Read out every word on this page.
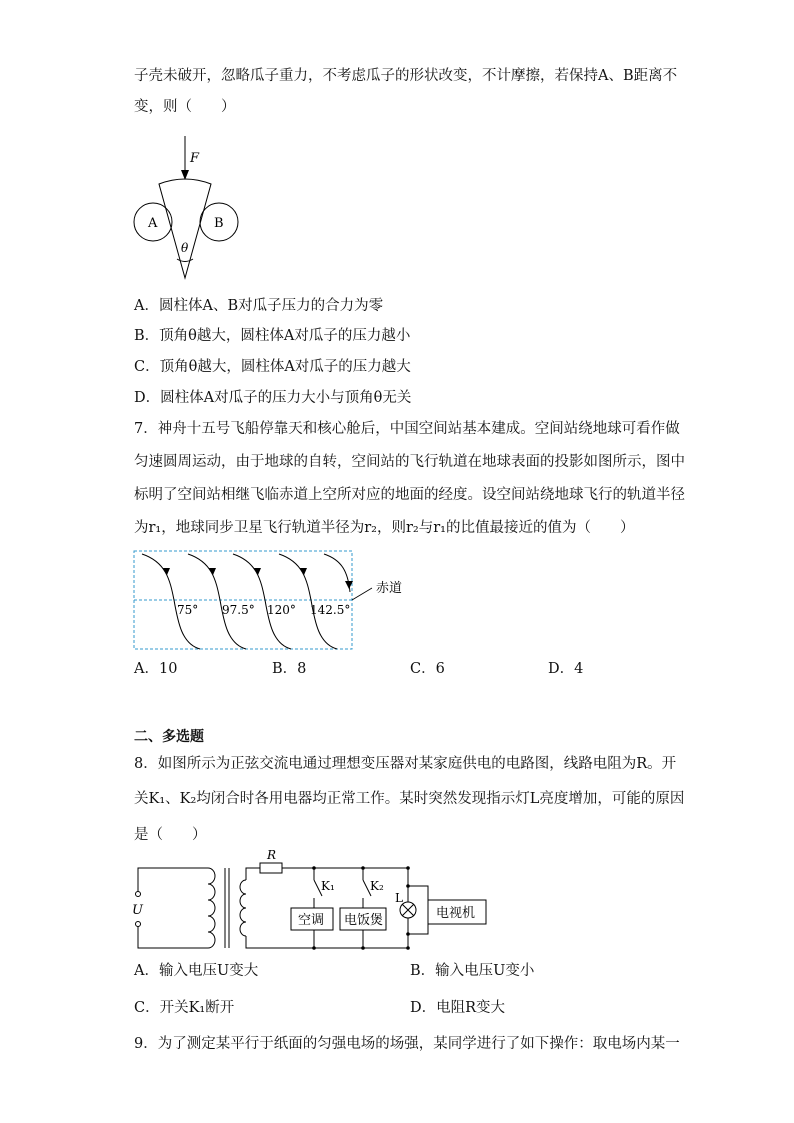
子壳未破开，忽略瓜子重力，不考虑瓜子的形状改变，不计摩擦，若保持A、B距离不
变，则（　　）
F
A	B
θ
A．圆柱体A、B对瓜子压力的合力为零
B．顶角θ越大，圆柱体A对瓜子的压力越小
C．顶角θ越大，圆柱体A对瓜子的压力越大
D．圆柱体A对瓜子的压力大小与顶角θ无关
7．神舟十五号飞船停靠天和核心舱后，中国空间站基本建成。空间站绕地球可看作做
匀速圆周运动，由于地球的自转，空间站的飞行轨道在地球表面的投影如图所示，图中
标明了空间站相继飞临赤道上空所对应的地面的经度。设空间站绕地球飞行的轨道半径
为r₁，地球同步卫星飞行轨道半径为r₂，则r₂与r₁的比值最接近的值为（　　）
75° 97.5° 120° 142.5°
赤道
A．10	B．8	C．6	D．4
二、多选题
8．如图所示为正弦交流电通过理想变压器对某家庭供电的电路图，线路电阻为R。开
关K₁、K₂均闭合时各用电器均正常工作。某时突然发现指示灯L亮度增加，可能的原因
是（　　）
U
R
K₁	K₂
L
空调 电饭煲	电视机
A．输入电压U变大	B．输入电压U变小
C．开关K₁断开	D．电阻R变大
9．为了测定某平行于纸面的匀强电场的场强，某同学进行了如下操作：取电场内某一
